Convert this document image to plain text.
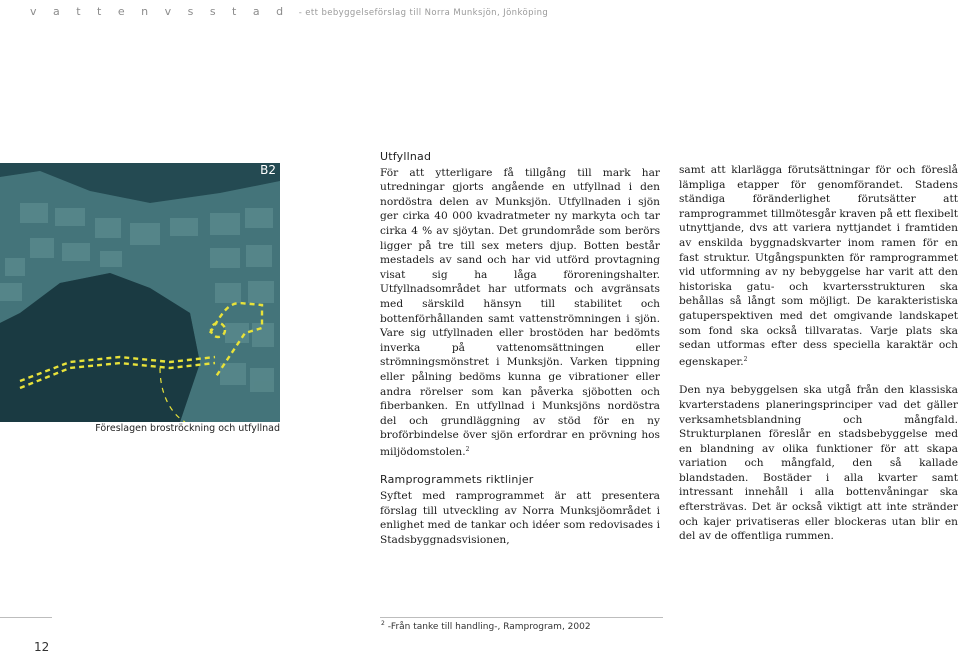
v a t t e n v s s t a d - ett bebyggelseförslag till Norra Munksjön, Jönköping
B2
Föreslagen broströckning och utfyllnad
Utfyllnad

För att ytterligare få tillgång till mark har utredningar gjorts angående en utfyllnad i den nordöstra delen av Munksjön. Utfyllnaden i sjön ger cirka 40 000 kvadratmeter ny markyta och tar cirka 4 % av sjöytan. Det grundområde som berörs ligger på tre till sex meters djup. Botten består mestadels av sand och har vid utförd provtagning visat sig ha låga föroreningshalter. Utfyllnadsområdet har utformats och avgränsats med särskild hänsyn till stabilitet och bottenförhållanden samt vattenströmningen i sjön. Vare sig utfyllnaden eller brostöden har bedömts inverka på vattenomsättningen eller strömningsmönstret i Munksjön. Varken tippning eller pålning bedöms kunna ge vibrationer eller andra rörelser som kan påverka sjöbotten och fiberbanken. En utfyllnad i Munksjöns nordöstra del och grundläggning av stöd för en ny broförbindelse över sjön erfordrar en prövning hos miljödomstolen.$^2$

Ramprogrammets riktlinjer

Syftet med ramprogrammet är att presentera förslag till utveckling av Norra Munksjöområdet i enlighet med de tankar och idéer som redovisades i Stadsbyggnadsvisionen,

samt att klarlägga förutsättningar för och föreslå lämpliga etapper för genomförandet. Stadens ständiga föränderlighet förutsätter att ramprogrammet tillmötesgår kraven på ett flexibelt utnyttjande, dvs att variera nyttjandet i framtiden av enskilda byggnadskvarter inom ramen för en fast struktur. Utgångspunkten för ramprogrammet vid utformning av ny bebyggelse har varit att den historiska gatu- och kvartersstrukturen ska behållas så långt som möjligt. De karakteristiska gatuperspektiven med det omgivande landskapet som fond ska också tillvaratas. Varje plats ska sedan utformas efter dess speciella karaktär och egenskaper.$^2$

Den nya bebyggelsen ska utgå från den klassiska kvarterstadens planeringsprinciper vad det gäller verksamhetsblandning och mångfald. Strukturplanen föreslår en stadsbebyggelse med en blandning av olika funktioner för att skapa variation och mångfald, den så kallade blandstaden. Bostäder i alla kvarter samt intressant innehåll i alla bottenvåningar ska eftersträvas. Det är också viktigt att inte stränder och kajer privatiseras eller blockeras utan blir en del av de offentliga rummen.

$^2$ -Från tanke till handling-, Ramprogram, 2002
12
